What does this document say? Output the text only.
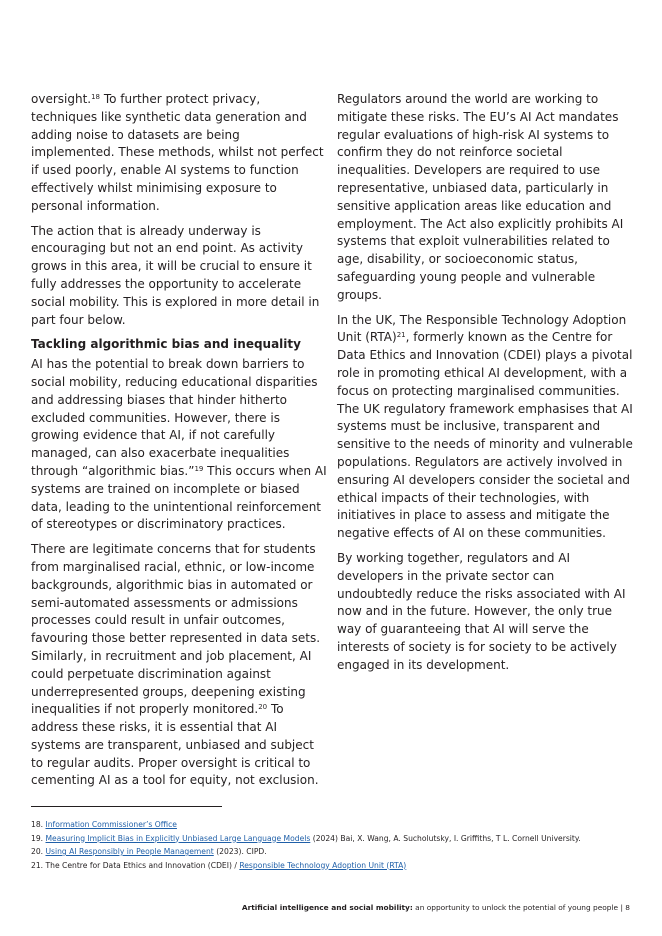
oversight.$^{18}$ To further protect privacy, techniques like synthetic data generation and adding noise to datasets are being implemented. These methods, whilst not perfect if used poorly, enable AI systems to function effectively whilst minimising exposure to personal information.

The action that is already underway is encouraging but not an end point. As activity grows in this area, it will be crucial to ensure it fully addresses the opportunity to accelerate social mobility. This is explored in more detail in part four below.

Tackling algorithmic bias and inequality

AI has the potential to break down barriers to social mobility, reducing educational disparities and addressing biases that hinder hitherto excluded communities. However, there is growing evidence that AI, if not carefully managed, can also exacerbate inequalities through “algorithmic bias.”$^{19}$ This occurs when AI systems are trained on incomplete or biased data, leading to the unintentional reinforcement of stereotypes or discriminatory practices.

There are legitimate concerns that for students from marginalised racial, ethnic, or low-income backgrounds, algorithmic bias in automated or semi-automated assessments or admissions processes could result in unfair outcomes, favouring those better represented in data sets. Similarly, in recruitment and job placement, AI could perpetuate discrimination against underrepresented groups, deepening existing inequalities if not properly monitored.$^{20}$ To address these risks, it is essential that AI systems are transparent, unbiased and subject to regular audits. Proper oversight is critical to cementing AI as a tool for equity, not exclusion.

Regulators around the world are working to mitigate these risks. The EU’s AI Act mandates regular evaluations of high-risk AI systems to confirm they do not reinforce societal inequalities. Developers are required to use representative, unbiased data, particularly in sensitive application areas like education and employment. The Act also explicitly prohibits AI systems that exploit vulnerabilities related to age, disability, or socioeconomic status, safeguarding young people and vulnerable groups.

In the UK, The Responsible Technology Adoption Unit (RTA)$^{21}$, formerly known as the Centre for Data Ethics and Innovation (CDEI) plays a pivotal role in promoting ethical AI development, with a focus on protecting marginalised communities. The UK regulatory framework emphasises that AI systems must be inclusive, transparent and sensitive to the needs of minority and vulnerable populations. Regulators are actively involved in ensuring AI developers consider the societal and ethical impacts of their technologies, with initiatives in place to assess and mitigate the negative effects of AI on these communities.

By working together, regulators and AI developers in the private sector can undoubtedly reduce the risks associated with AI now and in the future. However, the only true way of guaranteeing that AI will serve the interests of society is for society to be actively engaged in its development.

18. Information Commissioner’s Office
19. Measuring Implicit Bias in Explicitly Unbiased Large Language Models (2024) Bai, X. Wang, A. Sucholutsky, I. Griffiths, T L. Cornell University.
20. Using AI Responsibly in People Management (2023). CIPD.
21. The Centre for Data Ethics and Innovation (CDEI) / Responsible Technology Adoption Unit (RTA)
Artificial intelligence and social mobility: an opportunity to unlock the potential of young people | 8
